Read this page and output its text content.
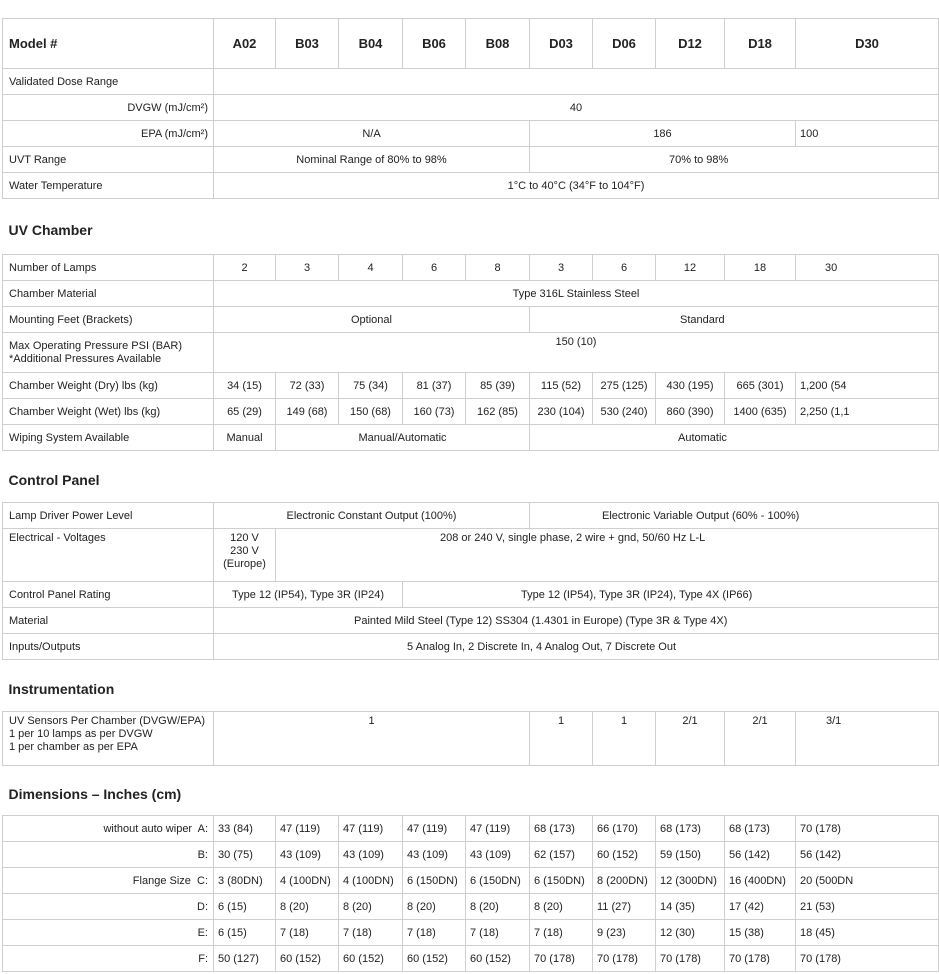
Model #	A02	B03	B04	B06	B08	D03	D06	D12	D18	D30
Validated Dose Range										
DVGW (mJ/cm²)	40									
EPA (mJ/cm²)	N/A					186				100
UVT Range	Nominal Range of 80% to 98%					70% to 98%				
Water Temperature	1°C to 40°C (34°F to 104°F)									
UV Chamber										
Number of Lamps	2	3	4	6	8	3	6	12	18	30
Chamber Material	Type 316L Stainless Steel									
Mounting Feet (Brackets)	Optional					Standard				

Max Operating Pressure PSI (BAR)
*Additional Pressures Available	150 (10)									
Chamber Weight (Dry) lbs (kg)	34 (15)	72 (33)	75 (34)	81 (37)	85 (39)	115 (52)	275 (125)	430 (195)	665 (301)	1,200 (54
Chamber Weight (Wet) lbs (kg)	65 (29)	149 (68)	150 (68)	160 (73)	162 (85)	230 (104)	530 (240)	860 (390)	1400 (635)	2,250 (1,1
Wiping System Available	Manual	Manual/Automatic				Automatic				
Control Panel										
Lamp Driver Power Level	Electronic Constant Output (100%)					Electronic Variable Output (60% - 100%)				
Electrical - Voltages	120 V
230 V
(Europe)	208 or 240 V, single phase, 2 wire + gnd, 50/60 Hz L-L								
Control Panel Rating	Type 12 (IP54), Type 3R (IP24)			Type 12 (IP54), Type 3R (IP24), Type 4X (IP66)						
Material	Painted Mild Steel (Type 12) SS304 (1.4301 in Europe) (Type 3R & Type 4X)									
Inputs/Outputs	5 Analog In, 2 Discrete In, 4 Analog Out, 7 Discrete Out									
Instrumentation										

UV Sensors Per Chamber (DVGW/EPA)
1 per 10 lamps as per DVGW
1 per chamber as per EPA	1					1	1	2/1	2/1	3/1
Dimensions – Inches (cm)										
without auto wiper  A:	33 (84)	47 (119)	47 (119)	47 (119)	47 (119)	68 (173)	66 (170)	68 (173)	68 (173)	70 (178)
B:	30 (75)	43 (109)	43 (109)	43 (109)	43 (109)	62 (157)	60 (152)	59 (150)	56 (142)	56 (142)
Flange Size  C:	3 (80DN)	4 (100DN)	4 (100DN)	6 (150DN)	6 (150DN)	6 (150DN)	8 (200DN)	12 (300DN)	16 (400DN)	20 (500DN
D:	6 (15)	8 (20)	8 (20)	8 (20)	8 (20)	8 (20)	11 (27)	14 (35)	17 (42)	21 (53)
E:	6 (15)	7 (18)	7 (18)	7 (18)	7 (18)	7 (18)	9 (23)	12 (30)	15 (38)	18 (45)
F:	50 (127)	60 (152)	60 (152)	60 (152)	60 (152)	70 (178)	70 (178)	70 (178)	70 (178)	70 (178)
